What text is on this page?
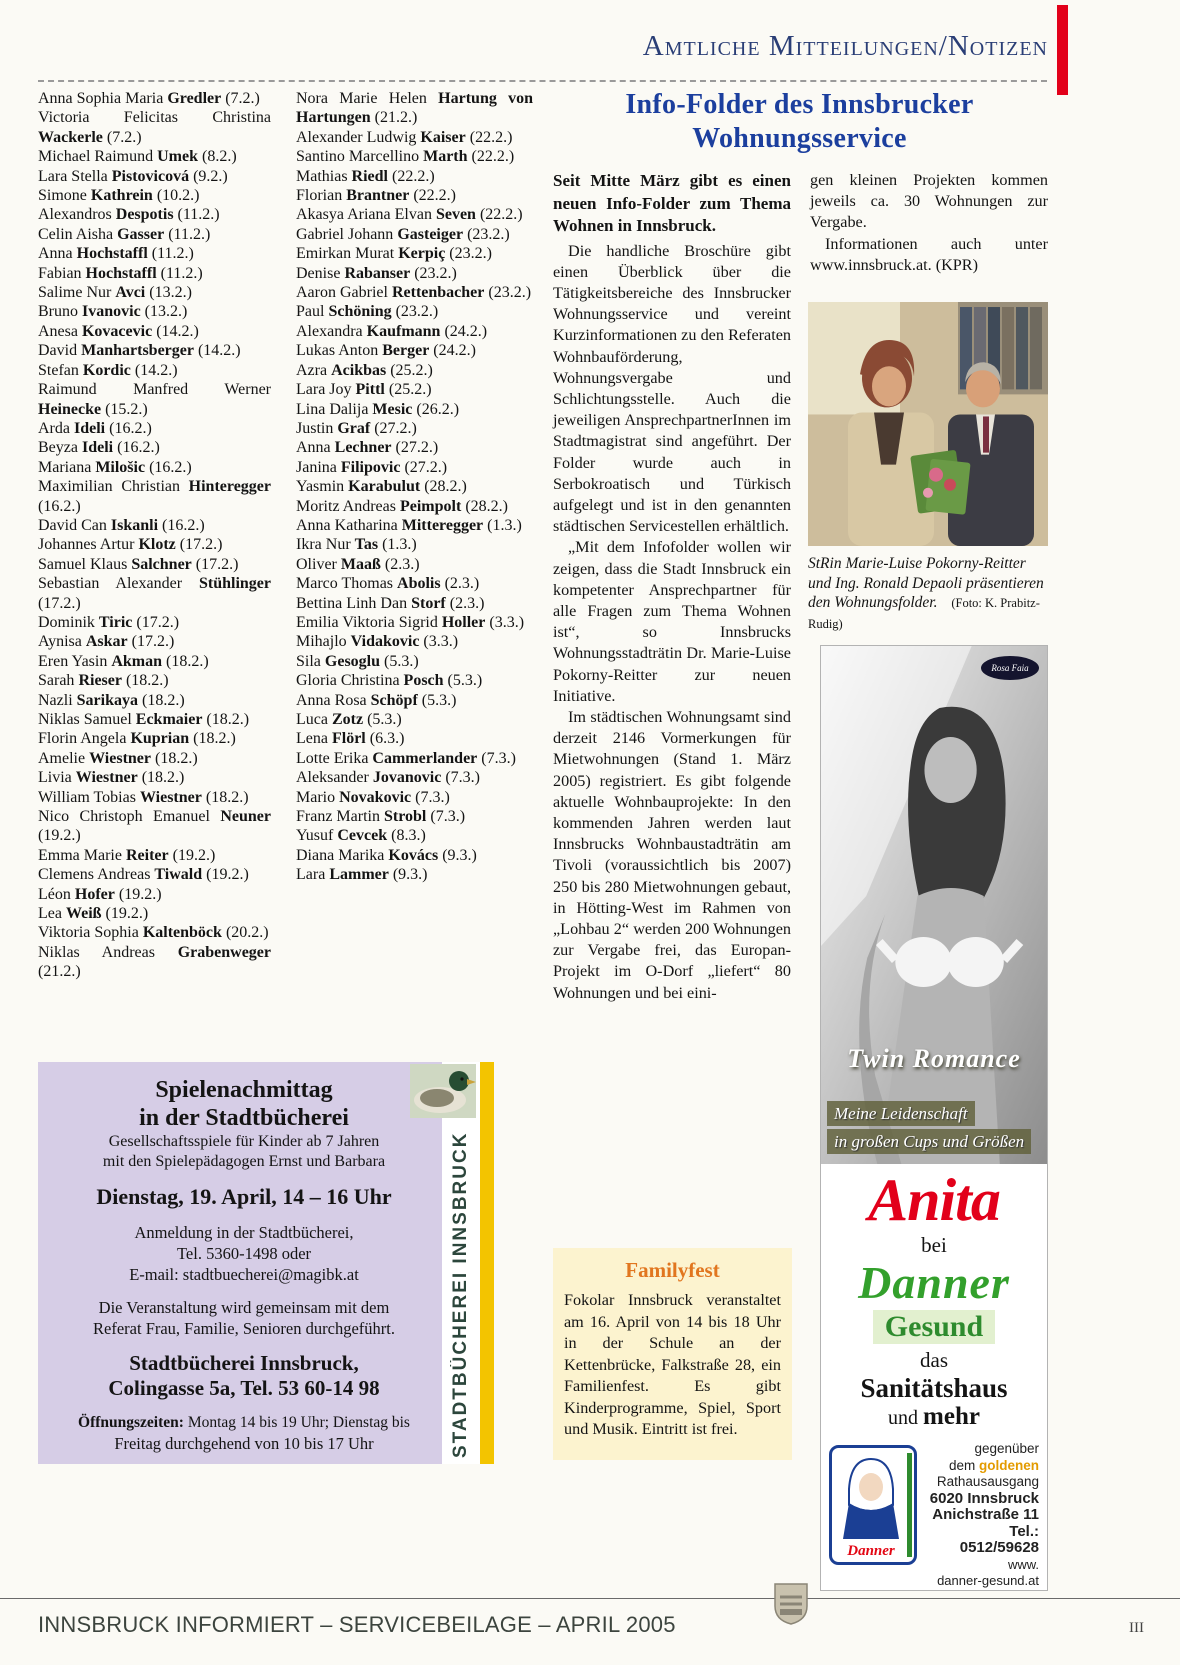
Amtliche Mitteilungen/Notizen

Anna Sophia Maria Gredler (7.2.)

Victoria Felicitas Christina Wackerle (7.2.)

Michael Raimund Umek (8.2.)

Lara Stella Pistovicová (9.2.)

Simone Kathrein (10.2.)

Alexandros Despotis (11.2.)

Celin Aisha Gasser (11.2.)

Anna Hochstaffl (11.2.)

Fabian Hochstaffl (11.2.)

Salime Nur Avci (13.2.)

Bruno Ivanovic (13.2.)

Anesa Kovacevic (14.2.)

David Manhartsberger (14.2.)

Stefan Kordic (14.2.)

Raimund Manfred Werner Heinecke (15.2.)

Arda Ideli (16.2.)

Beyza Ideli (16.2.)

Mariana Milošic (16.2.)

Maximilian Christian Hinteregger (16.2.)

David Can Iskanli (16.2.)

Johannes Artur Klotz (17.2.)

Samuel Klaus Salchner (17.2.)

Sebastian Alexander Stühlinger (17.2.)

Dominik Tiric (17.2.)

Aynisa Askar (17.2.)

Eren Yasin Akman (18.2.)

Sarah Rieser (18.2.)

Nazli Sarikaya (18.2.)

Niklas Samuel Eckmaier (18.2.)

Florin Angela Kuprian (18.2.)

Amelie Wiestner (18.2.)

Livia Wiestner (18.2.)

William Tobias Wiestner (18.2.)

Nico Christoph Emanuel Neuner (19.2.)

Emma Marie Reiter (19.2.)

Clemens Andreas Tiwald (19.2.)

Léon Hofer (19.2.)

Lea Weiß (19.2.)

Viktoria Sophia Kaltenböck (20.2.)

Niklas Andreas Grabenweger (21.2.)

Nora Marie Helen Hartung von Hartungen (21.2.)

Alexander Ludwig Kaiser (22.2.)

Santino Marcellino Marth (22.2.)

Mathias Riedl (22.2.)

Florian Brantner (22.2.)

Akasya Ariana Elvan Seven (22.2.)

Gabriel Johann Gasteiger (23.2.)

Emirkan Murat Kerpiç (23.2.)

Denise Rabanser (23.2.)

Aaron Gabriel Rettenbacher (23.2.)

Paul Schöning (23.2.)

Alexandra Kaufmann (24.2.)

Lukas Anton Berger (24.2.)

Azra Acikbas (25.2.)

Lara Joy Pittl (25.2.)

Lina Dalija Mesic (26.2.)

Justin Graf (27.2.)

Anna Lechner (27.2.)

Janina Filipovic (27.2.)

Yasmin Karabulut (28.2.)

Moritz Andreas Peimpolt (28.2.)

Anna Katharina Mitteregger (1.3.)

Ikra Nur Tas (1.3.)

Oliver Maaß (2.3.)

Marco Thomas Abolis (2.3.)

Bettina Linh Dan Storf (2.3.)

Emilia Viktoria Sigrid Holler (3.3.)

Mihajlo Vidakovic (3.3.)

Sila Gesoglu (5.3.)

Gloria Christina Posch (5.3.)

Anna Rosa Schöpf (5.3.)

Luca Zotz (5.3.)

Lena Flörl (6.3.)

Lotte Erika Cammerlander (7.3.)

Aleksander Jovanovic (7.3.)

Mario Novakovic (7.3.)

Franz Martin Strobl (7.3.)

Yusuf Cevcek (8.3.)

Diana Marika Kovács (9.3.)

Lara Lammer (9.3.)

Info-Folder des Innsbrucker
Wohnungsservice

Seit Mitte März gibt es einen neuen Info-Folder zum Thema Wohnen in Innsbruck.

Die handliche Broschüre gibt einen Überblick über die Tätigkeitsbereiche des Innsbrucker Wohnungsservice und vereint Kurzinformationen zu den Referaten Wohnbauförderung, Wohnungsvergabe und Schlichtungsstelle. Auch die jeweiligen AnsprechpartnerInnen im Stadtmagistrat sind angeführt. Der Folder wurde auch in Serbokroatisch und Türkisch aufgelegt und ist in den genannten städtischen Servicestellen erhältlich.

„Mit dem Infofolder wollen wir zeigen, dass die Stadt Innsbruck ein kompetenter Ansprechpartner für alle Fragen zum Thema Wohnen ist“, so Innsbrucks Wohnungsstadträtin Dr. Marie-Luise Pokorny-Reitter zur neuen Initiative.

Im städtischen Wohnungsamt sind derzeit 2146 Vormerkungen für Mietwohnungen (Stand 1. März 2005) registriert. Es gibt folgende aktuelle Wohnbauprojekte: In den kommenden Jahren werden laut Innsbrucks Wohnbaustadträtin am Tivoli (voraussichtlich bis 2007) 250 bis 280 Mietwohnungen gebaut, in Hötting-West im Rahmen von „Lohbau 2“ werden 200 Wohnungen zur Vergabe frei, das Europan-Projekt im O-Dorf „liefert“ 80 Wohnungen und bei eini-

gen kleinen Projekten kommen jeweils ca. 30 Wohnungen zur Vergabe.

Informationen auch unter www.innsbruck.at. (KPR)

StRin Marie-Luise Pokorny-Reitter und Ing. Ronald Depaoli präsentieren den Wohnungsfolder. (Foto: K. Prabitz-Rudig)
Rosa Faia
Twin Romance
Meine Leidenschaft
in großen Cups und Größen
Anita
bei
Danner
Gesund
das
Sanitätshaus
und mehr
Danner
gegenüber
dem goldenen
Rathausausgang
6020 Innsbruck
Anichstraße 11
Tel.: 0512/59628
www.
danner-gesund.at
Spielenachmittag
in der Stadtbücherei
Gesellschaftsspiele für Kinder ab 7 Jahren
mit den Spielepädagogen Ernst und Barbara
Dienstag, 19. April, 14 – 16 Uhr
Anmeldung in der Stadtbücherei,
Tel. 5360-1498 oder
E-mail: stadtbuecherei@magibk.at
Die Veranstaltung wird gemeinsam mit dem
Referat Frau, Familie, Senioren durchgeführt.
Stadtbücherei Innsbruck,
Colingasse 5a, Tel. 53 60-14 98
Öffnungszeiten: Montag 14 bis 19 Uhr; Dienstag bis
Freitag durchgehend von 10 bis 17 Uhr	STADTBÜCHEREI INNSBRUCK	Familyfest

Fokolar Innsbruck veranstaltet am 16. April von 14 bis 18 Uhr in der Schule an der Kettenbrücke, Falkstraße 28, ein Familienfest. Es gibt Kinderprogramme, Spiel, Sport und Musik. Eintritt ist frei.

INNSBRUCK INFORMIERT – SERVICEBEILAGE – APRIL 2005	III
